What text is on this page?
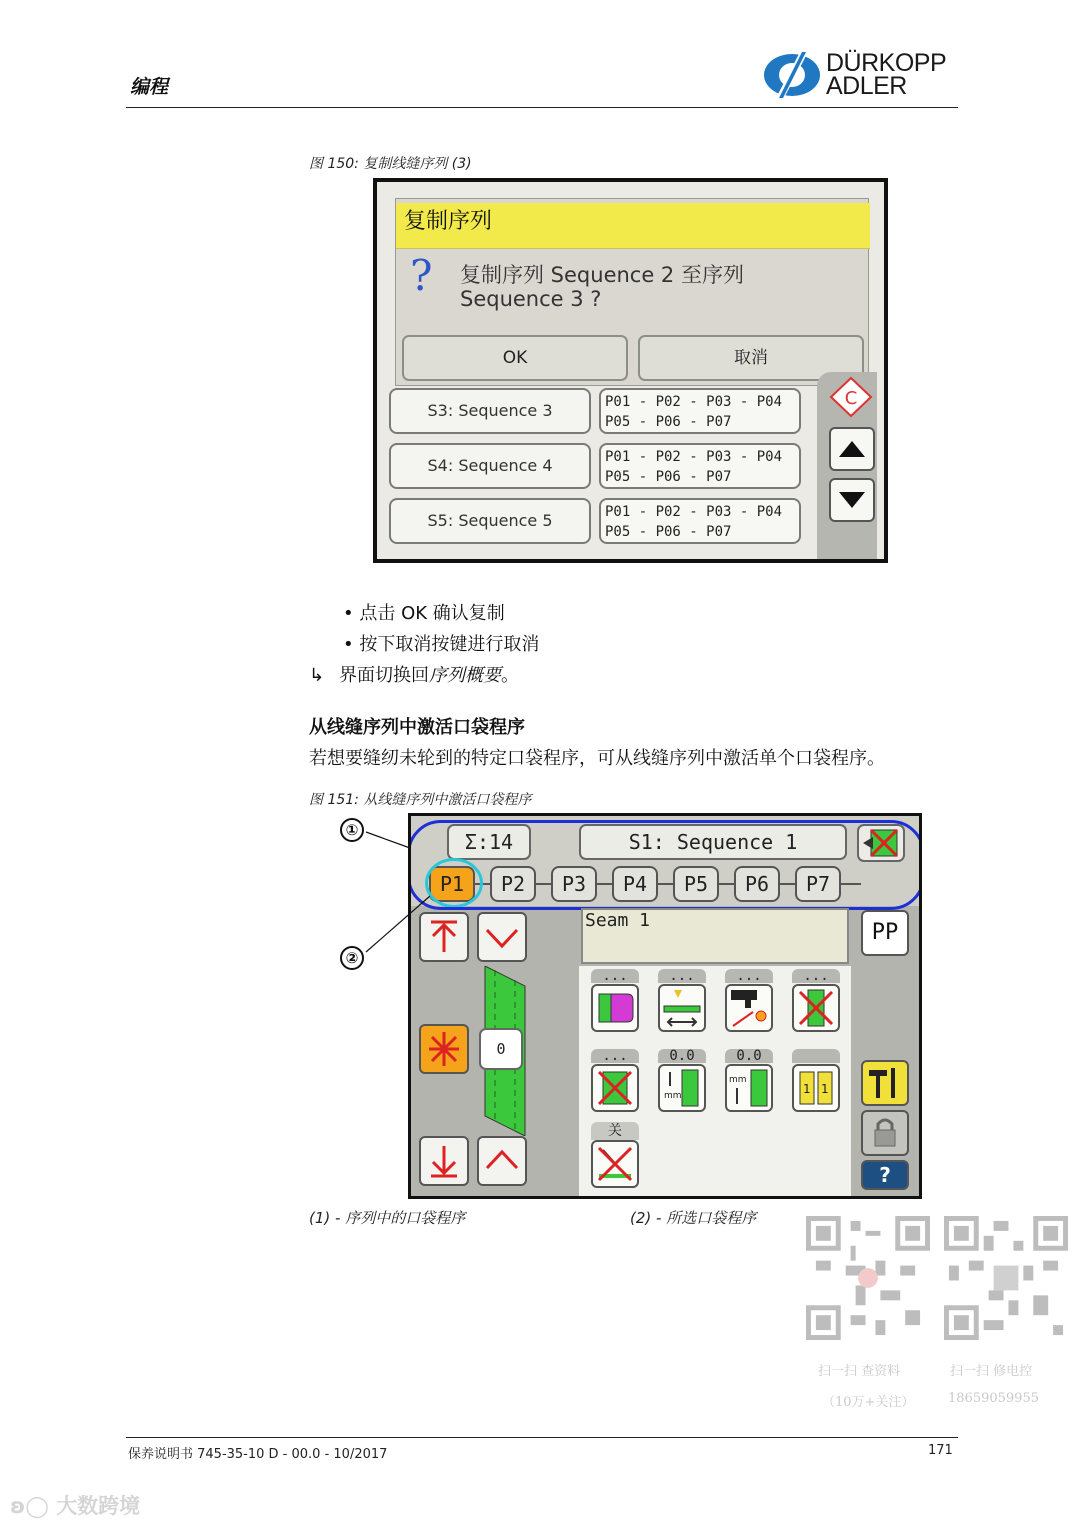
编程
DÜRKOPP
ADLER
图 150: 复制线缝序列 (3)
复制序列
? 复制序列 Sequence 2 至序列
Sequence 3 ?
OK	取消
S3: Sequence 3	P01 - P02 - P03 - P04
P05 - P06 - P07
S4: Sequence 4	P01 - P02 - P03 - P04
P05 - P06 - P07
S5: Sequence 5	P01 - P02 - P03 - P04
P05 - P06 - P07
C
• 点击 OK 确认复制
• 按下取消按键进行取消
↳ 界面切换回序列概要。
从线缝序列中激活口袋程序
若想要缝纫未轮到的特定口袋程序，可从线缝序列中激活单个口袋程序。
图 151: 从线缝序列中激活口袋程序
Σ:14	S1: Sequence 1
P1	P2	P3	P4	P5	P6	P7
0
Seam 1
...	...	...	...
...	0.0
mm
0.0
mm
1 1
关
PP
?
①
②
(1) - 序列中的口袋程序	(2) - 所选口袋程序
扫一扫 查资料
（10万+关注）
扫一扫 修电控
18659059955
保养说明书 745-35-10 D - 00.0 - 10/2017	171
ʚ◯ 大数跨境
